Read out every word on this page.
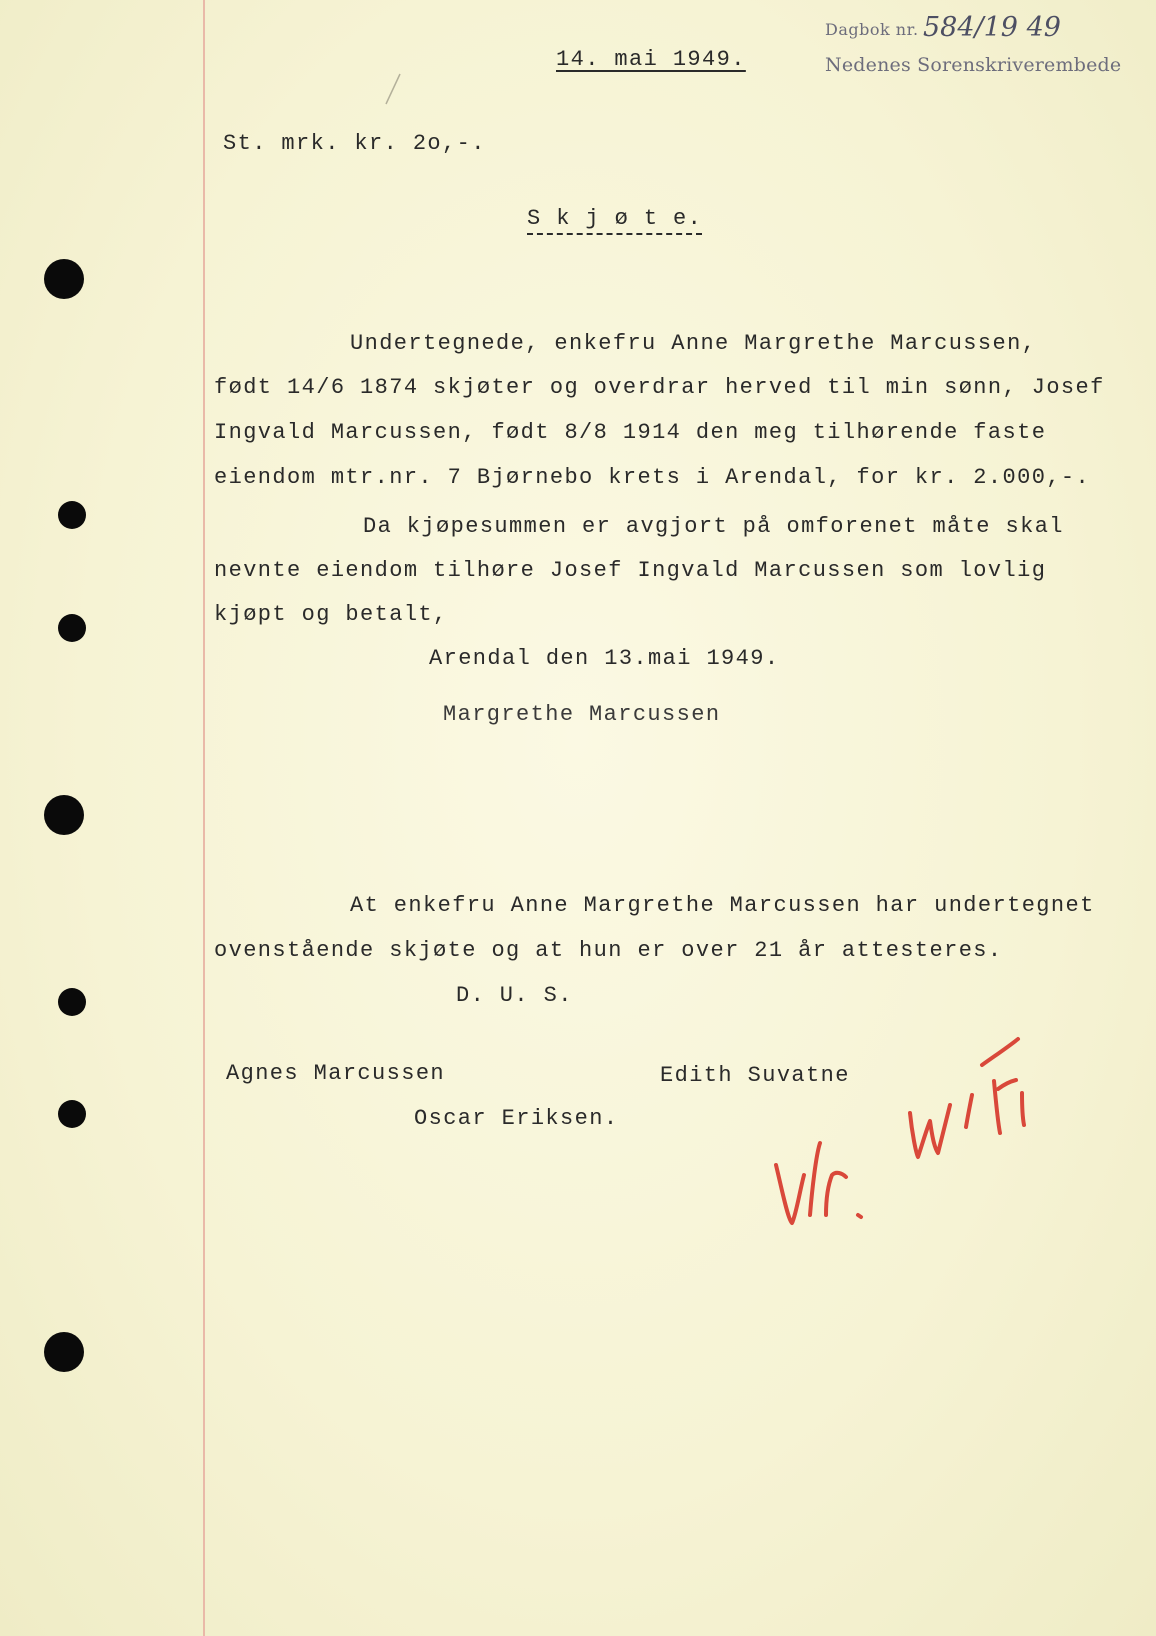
Dagbok nr. 584/19 49
Nedenes Sorenskriverembede
14. mai 1949.
St. mrk. kr. 2o,-.
S k j ø t e.
Undertegnede, enkefru Anne Margrethe Marcussen,
født 14/6 1874 skjøter og overdrar herved til min sønn, Josef
Ingvald Marcussen, født 8/8 1914 den meg tilhørende faste
eiendom mtr.nr. 7 Bjørnebo krets i Arendal, for kr. 2.000,-.
Da kjøpesummen er avgjort på omforenet måte skal
nevnte eiendom tilhøre Josef Ingvald Marcussen som lovlig
kjøpt og betalt,
Arendal den 13.mai 1949.
Margrethe Marcussen
At enkefru Anne Margrethe Marcussen har undertegnet
ovenstående skjøte og at hun er over 21 år attesteres.
D. U. S.
Agnes Marcussen	Edith Suvatne
Oscar Eriksen.
